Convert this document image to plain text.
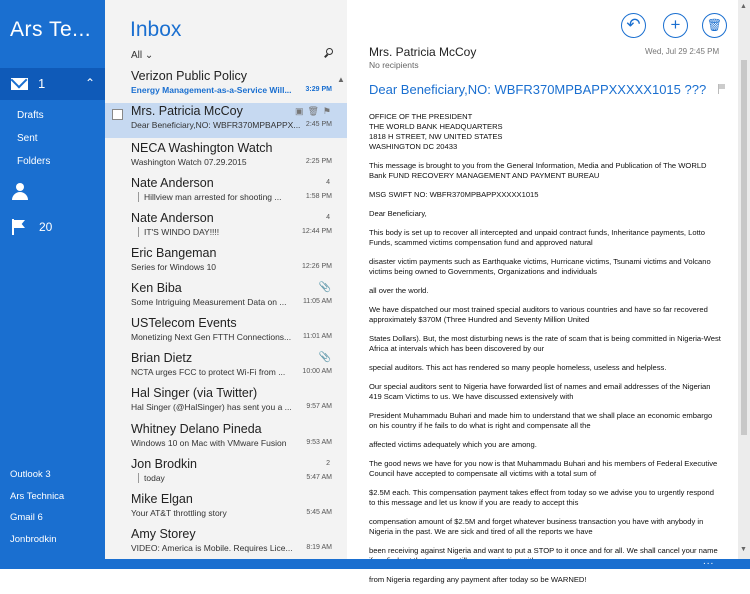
Ars Te...
1	⌃
Drafts
Sent
Folders
20
Outlook 3
Ars Technica
Gmail 6
Jonbrodkin
Inbox
All ⌄
▲
Verizon Public Policy
Energy Management-as-a-Service Will...	3:29 PM
Mrs. Patricia McCoy	▣🗑⚑
Dear Beneficiary,NO: WBFR370MPBAPPX... 2:45 PM
NECA Washington Watch
Washington Watch 07.29.2015	2:25 PM
Nate Anderson	4
Hillview man arrested for shooting ...	1:58 PM
Nate Anderson	4
IT'S WINDO DAY!!!!	12:44 PM
Eric Bangeman
Series for Windows 10	12:26 PM
Ken Biba	📎
Some Intriguing Measurement Data on ...	11:05 AM
USTelecom Events
Monetizing Next Gen FTTH Connections...	11:01 AM
Brian Dietz	📎
NCTA urges FCC to protect Wi-Fi from ...	10:00 AM
Hal Singer (via Twitter)
Hal Singer (@HalSinger) has sent you a ...	9:57 AM
Whitney Delano Pineda
Windows 10 on Mac with VMware Fusion	9:53 AM
Jon Brodkin	2
today	5:47 AM
Mike Elgan
Your AT&T throttling story	5:45 AM
Amy Storey
VIDEO: America is Mobile. Requires Lice...	8:19 AM
↶	+	🗑
Mrs. Patricia McCoy
No recipients
Wed, Jul 29 2:45 PM
Dear Beneficiary,NO: WBFR370MPBAPPXXXXX1015 ???

OFFICE OF THE PRESIDENT
THE WORLD BANK HEADQUARTERS
1818 H STREET, NW UNITED STATES
WASHINGTON DC 20433

This message is brought to you from the General Information, Media and Publication of The WORLD Bank FUND RECOVERY MANAGEMENT AND PAYMENT BUREAU

MSG SWIFT NO: WBFR370MPBAPPXXXXX1015

Dear Beneficiary,

This body is set up to recover all intercepted and unpaid contract funds, Inheritance payments, Lotto Funds, scammed victims compensation fund and approved natural

disaster victim payments such as Earthquake victims, Hurricane victims, Tsunami victims and Volcano victims being owned to Governments, Organizations and individuals

all over the world.

We have dispatched our most trained special auditors to various countries and have so far recovered approximately $370M (Three Hundred and Seventy Million United

States Dollars). But, the most disturbing news is the rate of scam that is being committed in Nigeria-West Africa at intervals which has been discovered by our

special auditors. This act has rendered so many people homeless, useless and helpless.

Our special auditors sent to Nigeria have forwarded list of names and email addresses of the Nigerian 419 Scam Victims to us. We have discussed extensively with

President Muhammadu Buhari and made him to understand that we shall place an economic embargo on his country if he fails to do what is right and compensate all the

affected victims adequately which you are among.

The good news we have for you now is that Muhammadu Buhari and his members of Federal Executive Council have accepted to compensate all victims with a total sum of

$2.5M each. This compensation payment takes effect from today so we advise you to urgently respond to this message and let us know if you are ready to accept this

compensation amount of $2.5M and forget whatever business transaction you have with anybody in Nigeria in the past. We are sick and tired of all the reports we have

been receiving against Nigeria and want to put a STOP to it once and for all. We shall cancel your name

from Nigeria regarding any payment after today so be WARNED!

▲
▼
...
